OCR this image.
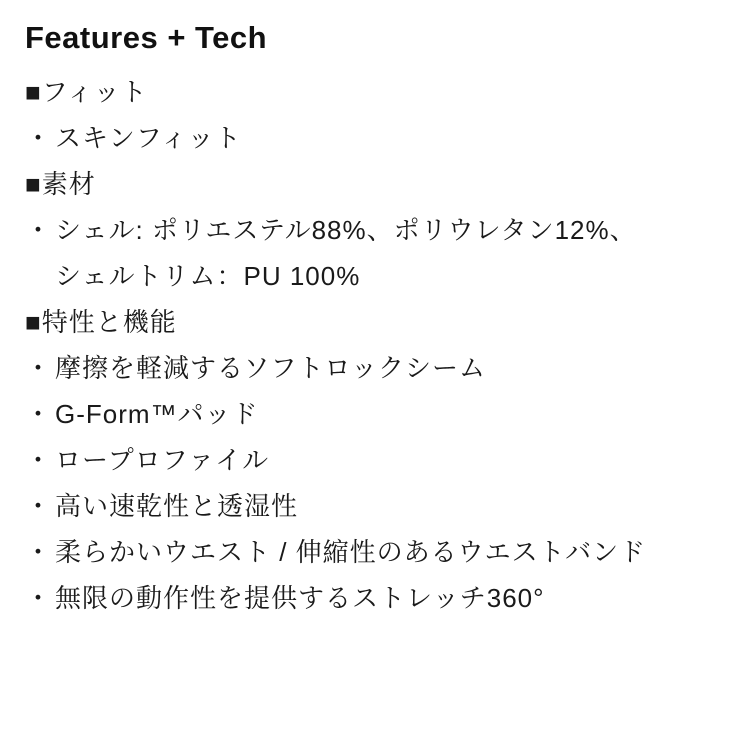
Features + Tech
■フィット
・ スキンフィット
■素材
・ シェル: ポリエステル88%、ポリウレタン12%、
シェルトリム：PU 100%
■特性と機能
・ 摩擦を軽減するソフトロックシーム
・ G-Form™パッド
・ ロープロファイル
・ 高い速乾性と透湿性
・ 柔らかいウエスト / 伸縮性のあるウエストバンド
・ 無限の動作性を提供するストレッチ360°
